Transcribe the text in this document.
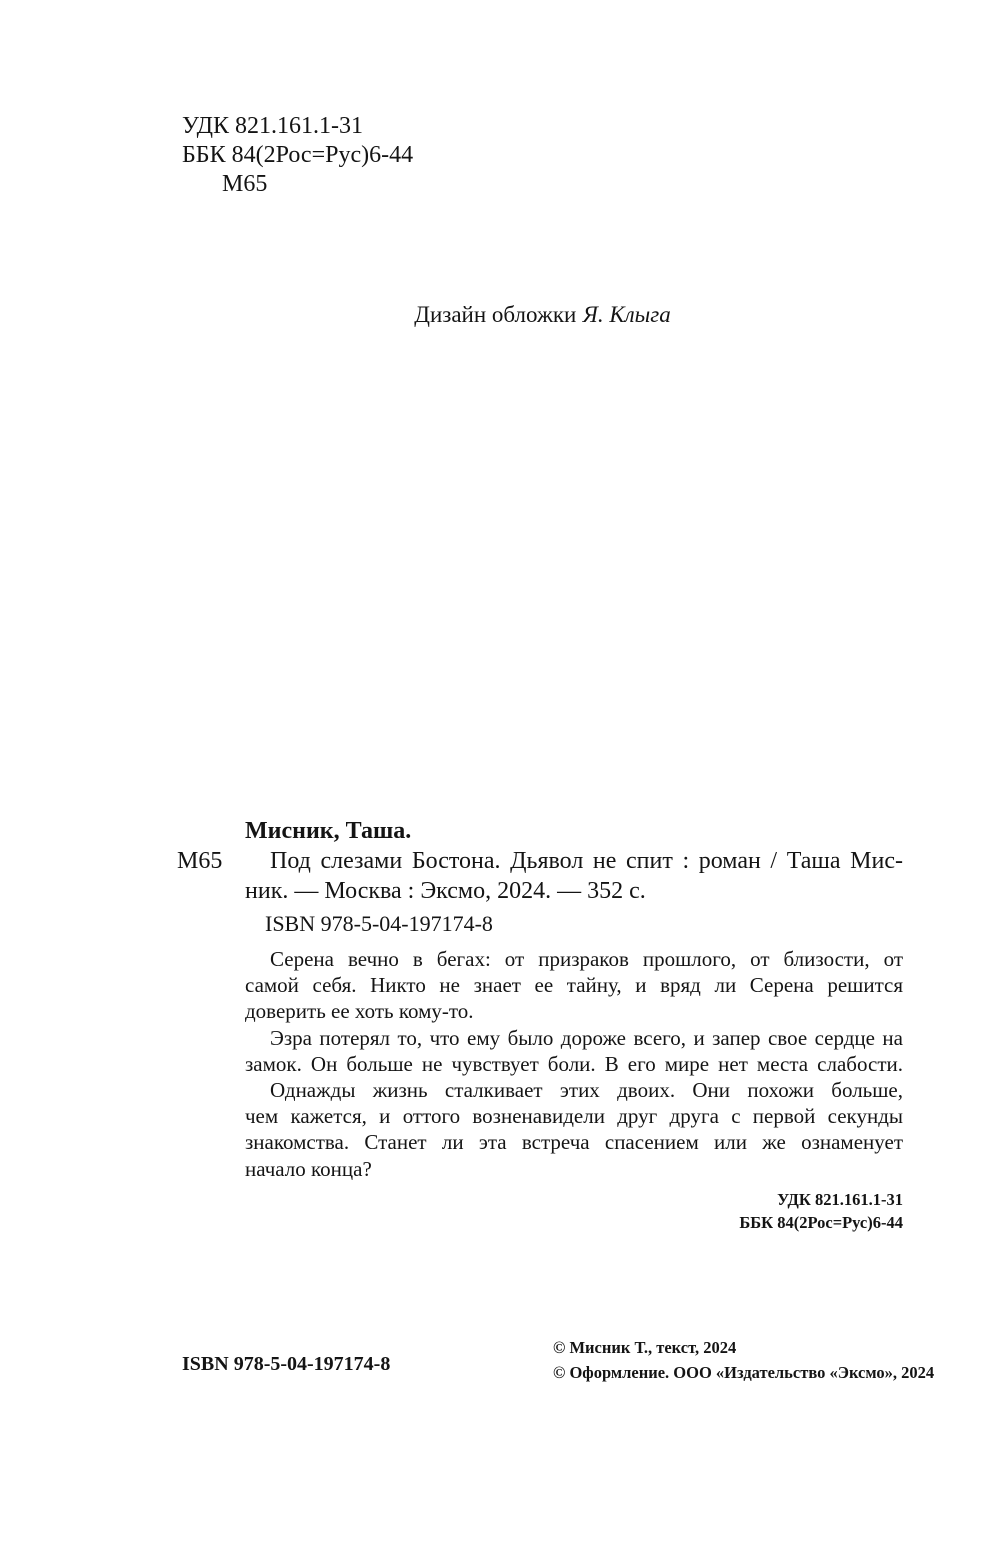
УДК 821.161.1-31
ББК 84(2Рос=Рус)6-44
М65
Дизайн обложки Я. Клыга
Мисник, Таша.
М65	Под слезами Бостона. Дьявол не спит : роман / Таша Мис-
ник. — Москва : Эксмо, 2024. — 352 с.
ISBN 978-5-04-197174-8
Серена вечно в бегах: от призраков прошлого, от близости, от
самой себя. Никто не знает ее тайну, и вряд ли Серена решится
доверить ее хоть кому-то.
Эзра потерял то, что ему было дороже всего, и запер свое сердце на
замок. Он больше не чувствует боли. В его мире нет места слабости.
Однажды жизнь сталкивает этих двоих. Они похожи больше,
чем кажется, и оттого возненавидели друг друга с первой секунды
знакомства. Станет ли эта встреча спасением или же ознаменует
начало конца?
УДК 821.161.1-31
ББК 84(2Рос=Рус)6-44
ISBN 978-5-04-197174-8
© Мисник Т., текст, 2024
© Оформление. ООО «Издательство «Эксмо», 2024
